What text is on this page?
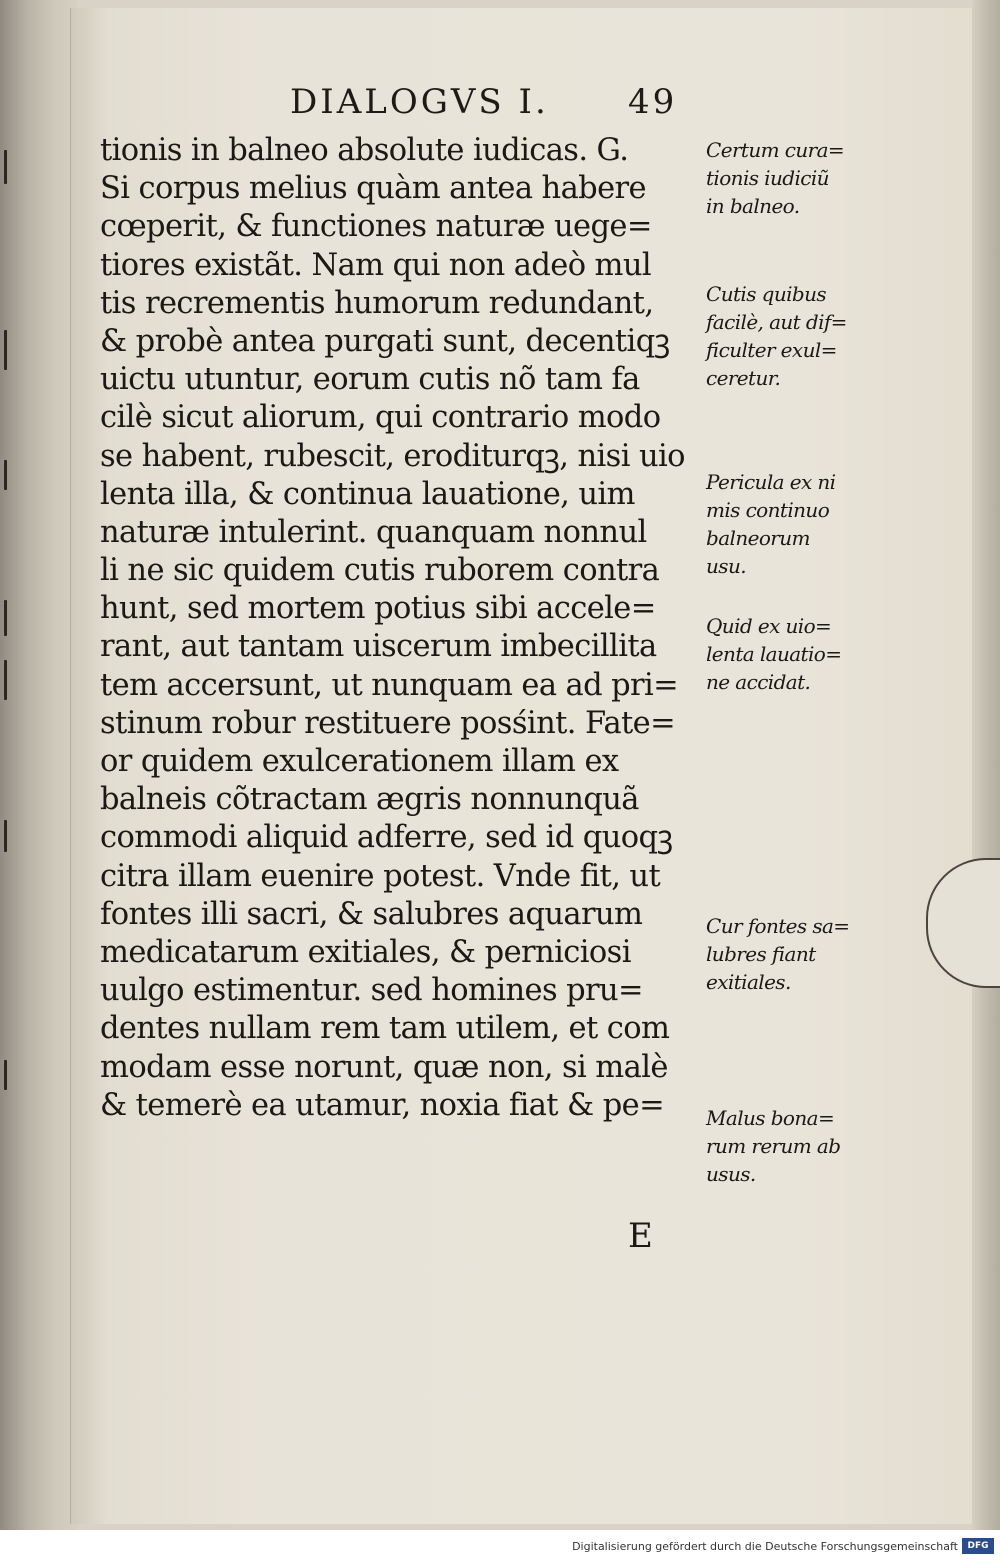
DIALOGVS I. 49
tionis in balneo absolute iudicas. G.
Si corpus melius quàm antea habere
cœperit, & functiones naturæ uege=
tiores existãt. Nam qui non adeò mul
tis recrementis humorum redundant,
& probè antea purgati sunt, decentiqꝫ
uictu utuntur, eorum cutis nõ tam fa
cilè sicut aliorum, qui contrario modo
se habent, rubescit, eroditurqꝫ, nisi uio
lenta illa, & continua lauatione, uim
naturæ intulerint. quanquam nonnul
li ne sic quidem cutis ruborem contra
hunt, sed mortem potius sibi accele=
rant, aut tantam uiscerum imbecillita
tem accersunt, ut nunquam ea ad pri=
stinum robur restituere posśint. Fate=
or quidem exulcerationem illam ex
balneis cõtractam ægris nonnunquã
commodi aliquid adferre, sed id quoqꝫ
citra illam euenire potest. Vnde fit, ut
fontes illi sacri, & salubres aquarum
medicatarum exitiales, & perniciosi
uulgo estimentur. sed homines pru=
dentes nullam rem tam utilem, et com
modam esse norunt, quæ non, si malè
& temerè ea utamur, noxia fiat & pe=
E
Certum cura=
tionis iudiciũ
in balneo.
Cutis quibus
facilè, aut dif=
ficulter exul=
ceretur.
Pericula ex ni
mis continuo
balneorum
usu.
Quid ex uio=
lenta lauatio=
ne accidat.
Cur fontes sa=
lubres fiant
exitiales.
Malus bona=
rum rerum ab
usus.
Digitalisierung gefördert durch die Deutsche Forschungsgemeinschaft	DFG
